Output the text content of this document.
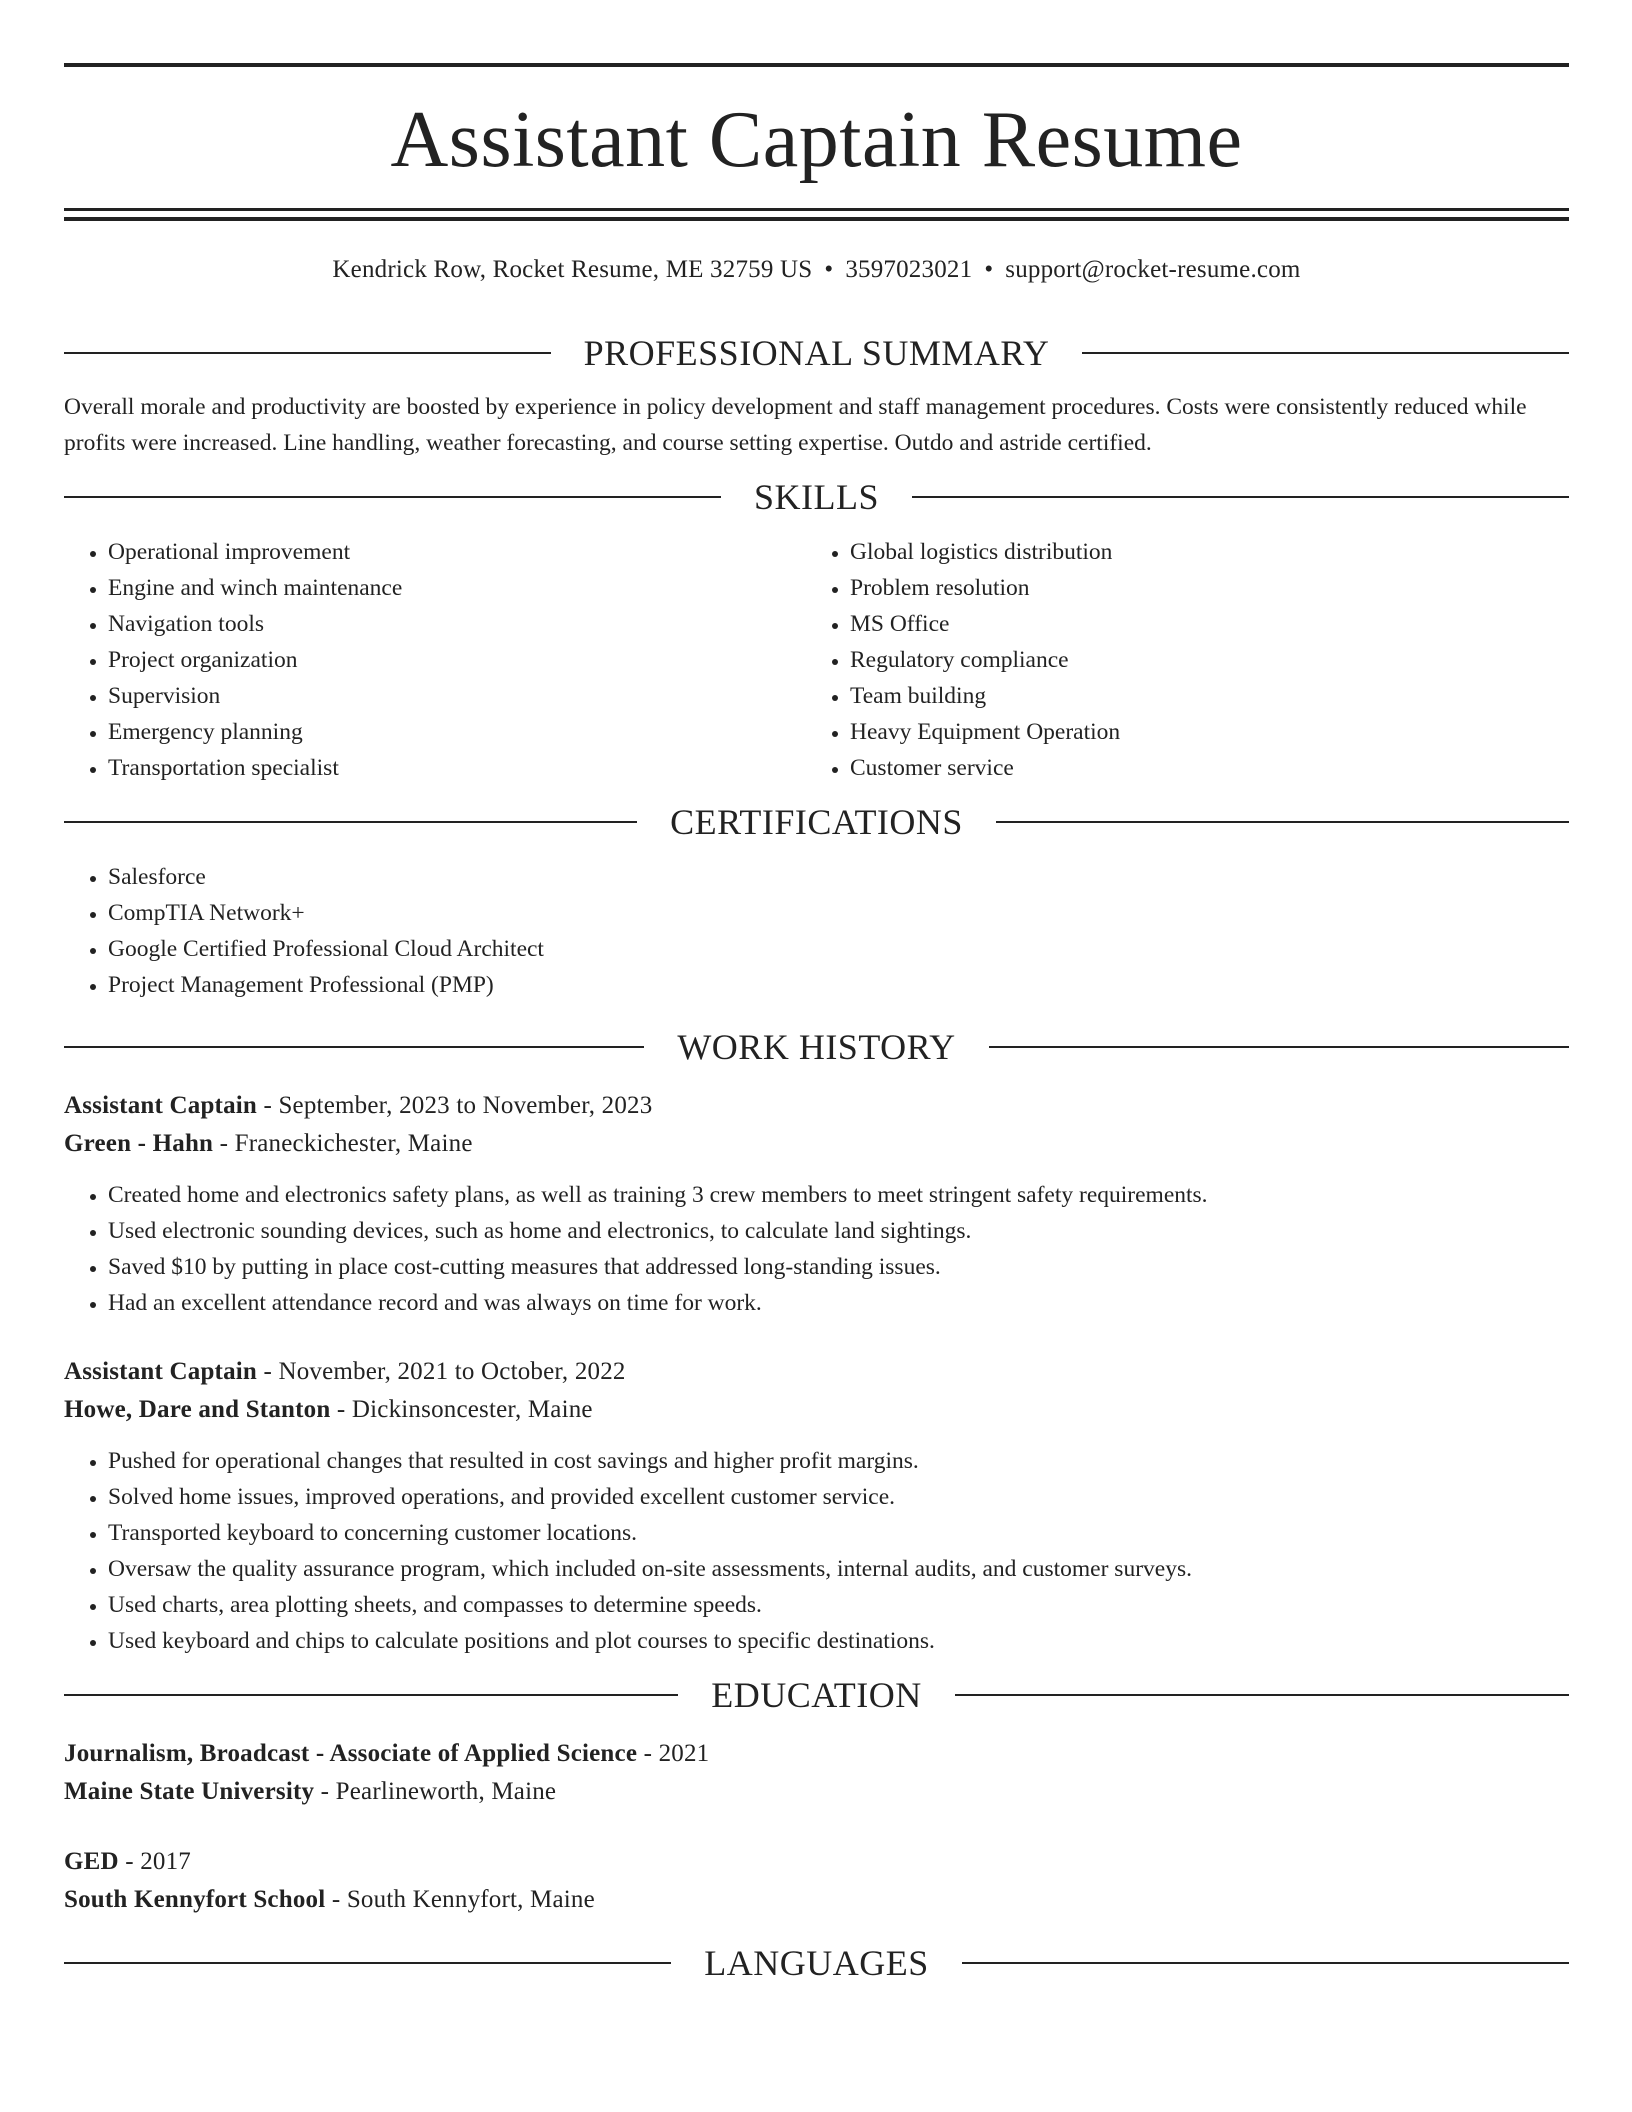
Assistant Captain Resume
Kendrick Row, Rocket Resume, ME 32759 US • 3597023021 • support@rocket-resume.com
PROFESSIONAL SUMMARY
Overall morale and productivity are boosted by experience in policy development and staff management procedures. Costs were consistently reduced while profits were increased. Line handling, weather forecasting, and course setting expertise. Outdo and astride certified.
SKILLS
• Operational improvement
• Engine and winch maintenance
• Navigation tools
• Project organization
• Supervision
• Emergency planning
• Transportation specialist
• Global logistics distribution
• Problem resolution
• MS Office
• Regulatory compliance
• Team building
• Heavy Equipment Operation
• Customer service
CERTIFICATIONS
• Salesforce
• CompTIA Network+
• Google Certified Professional Cloud Architect
• Project Management Professional (PMP)
WORK HISTORY
Assistant Captain - September, 2023 to November, 2023
Green - Hahn - Franeckichester, Maine
• Created home and electronics safety plans, as well as training 3 crew members to meet stringent safety requirements.
• Used electronic sounding devices, such as home and electronics, to calculate land sightings.
• Saved $10 by putting in place cost-cutting measures that addressed long-standing issues.
• Had an excellent attendance record and was always on time for work.
Assistant Captain - November, 2021 to October, 2022
Howe, Dare and Stanton - Dickinsoncester, Maine
• Pushed for operational changes that resulted in cost savings and higher profit margins.
• Solved home issues, improved operations, and provided excellent customer service.
• Transported keyboard to concerning customer locations.
• Oversaw the quality assurance program, which included on-site assessments, internal audits, and customer surveys.
• Used charts, area plotting sheets, and compasses to determine speeds.
• Used keyboard and chips to calculate positions and plot courses to specific destinations.
EDUCATION
Journalism, Broadcast - Associate of Applied Science - 2021
Maine State University - Pearlineworth, Maine
GED - 2017
South Kennyfort School - South Kennyfort, Maine
LANGUAGES
